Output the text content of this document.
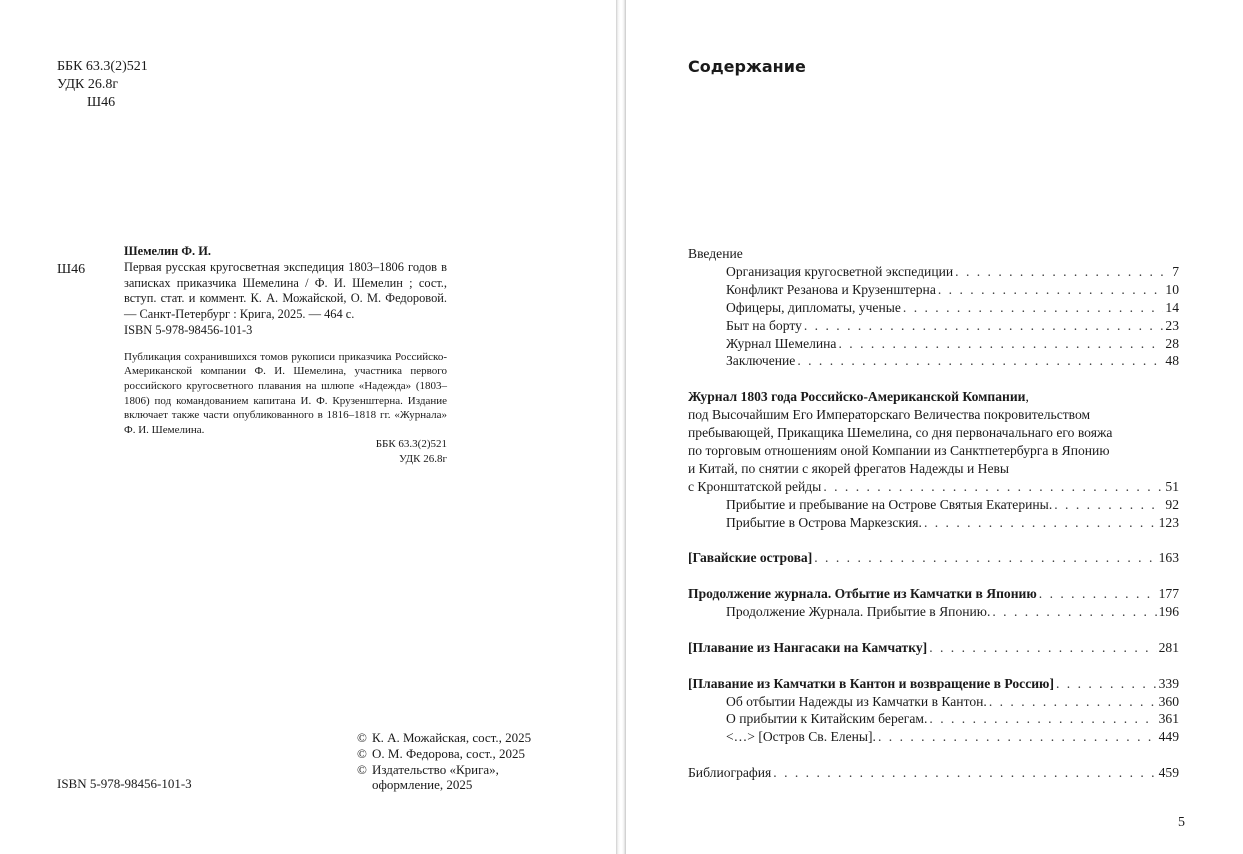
ББК 63.3(2)521
УДК 26.8г
Ш46
Ш46
Шемелин Ф. И.
Первая русская кругосветная экспедиция 1803–1806 годов в записках приказчика Шемелина / Ф. И. Шемелин ; сост., вступ. стат. и коммент. К. А. Можайской, О. М. Федоровой. — Санкт-Петербург : Крига, 2025. — 464 с.
ISBN 5-978-98456-101-3
Публикация сохранившихся томов рукописи приказчика Российско-Американской компании Ф. И. Шемелина, участника первого российского кругосветного плавания на шлюпе «Надежда» (1803–1806) под командованием капитана И. Ф. Крузенштерна. Издание включает также части опубликованного в 1816–1818 гг. «Журнала» Ф. И. Шемелина.
ББК 63.3(2)521
УДК 26.8г
© К. А. Можайская, сост., 2025
© О. М. Федорова, сост., 2025
© Издательство «Крига»,
оформление, 2025
ISBN 5-978-98456-101-3
Содержание
Введение
Организация кругосветной экспедиции . . .	7
Конфликт Резанова и Крузенштерна . . .	10
Офицеры, дипломаты, ученые . . .	14
Быт на борту . . .	23
Журнал Шемелина . . .	28
Заключение . . .	48
Журнал 1803 года Российско-Американской Компании,
под Высочайшим Его Императорскаго Величества покровительством
пребывающей, Прикащика Шемелина, со дня первоначальнаго его вояжа
по торговым отношениям оной Компании из Санктпетербурга в Японию
и Китай, по снятии с якорей фрегатов Надежды и Невы
с Кронштатской рейды . . .	51
Прибытие и пребывание на Острове Святыя Екатерины. . . .	92
Прибытие в Острова Маркезския. . . .	123
[Гавайские острова] . . .	163
Продолжение журнала. Отбытие из Камчатки в Японию . . .	177
Продолжение Журнала. Прибытие в Японию. . . .	196
[Плавание из Нангасаки на Камчатку] . . .	281
[Плавание из Камчатки в Кантон и возвращение в Россию] . . .	339
Об отбытии Надежды из Камчатки в Кантон. . . .	360
О прибытии к Китайским берегам. . . .	361
<…> [Остров Св. Елены]. . . .	449
Библиография . . .	459
5
